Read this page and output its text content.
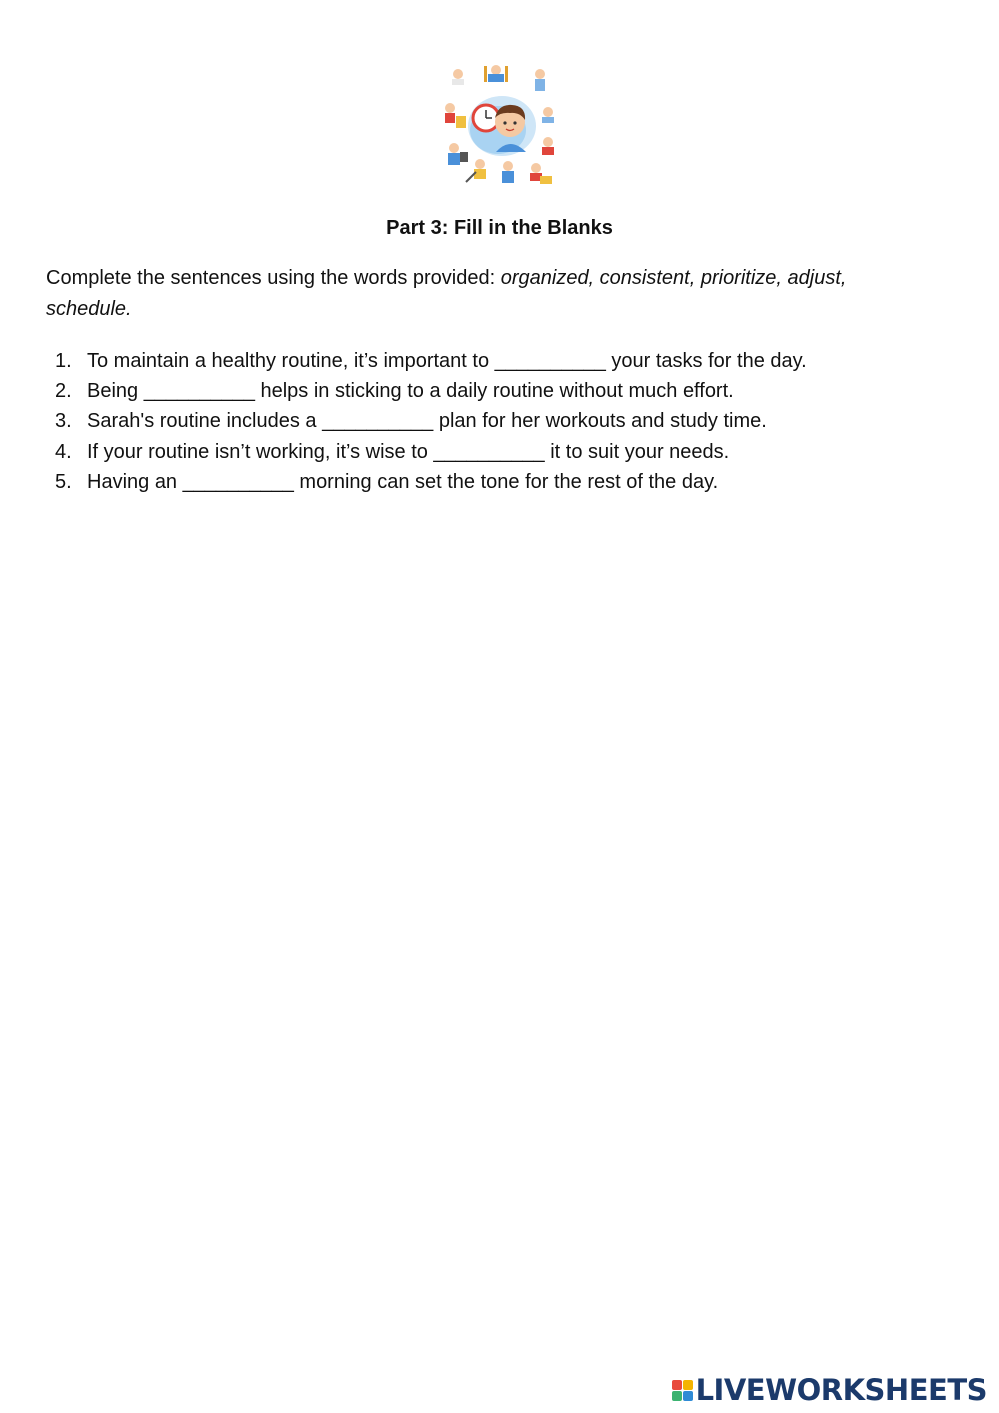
Part 3: Fill in the Blanks

Complete the sentences using the words provided: organized, consistent, prioritize, adjust, schedule.

1. To maintain a healthy routine, it’s important to __________ your tasks for the day.
2. Being __________ helps in sticking to a daily routine without much effort.
3. Sarah's routine includes a __________ plan for her workouts and study time.
4. If your routine isn’t working, it’s wise to __________ it to suit your needs.
5. Having an __________ morning can set the tone for the rest of the day.
LIVEWORKSHEETS
